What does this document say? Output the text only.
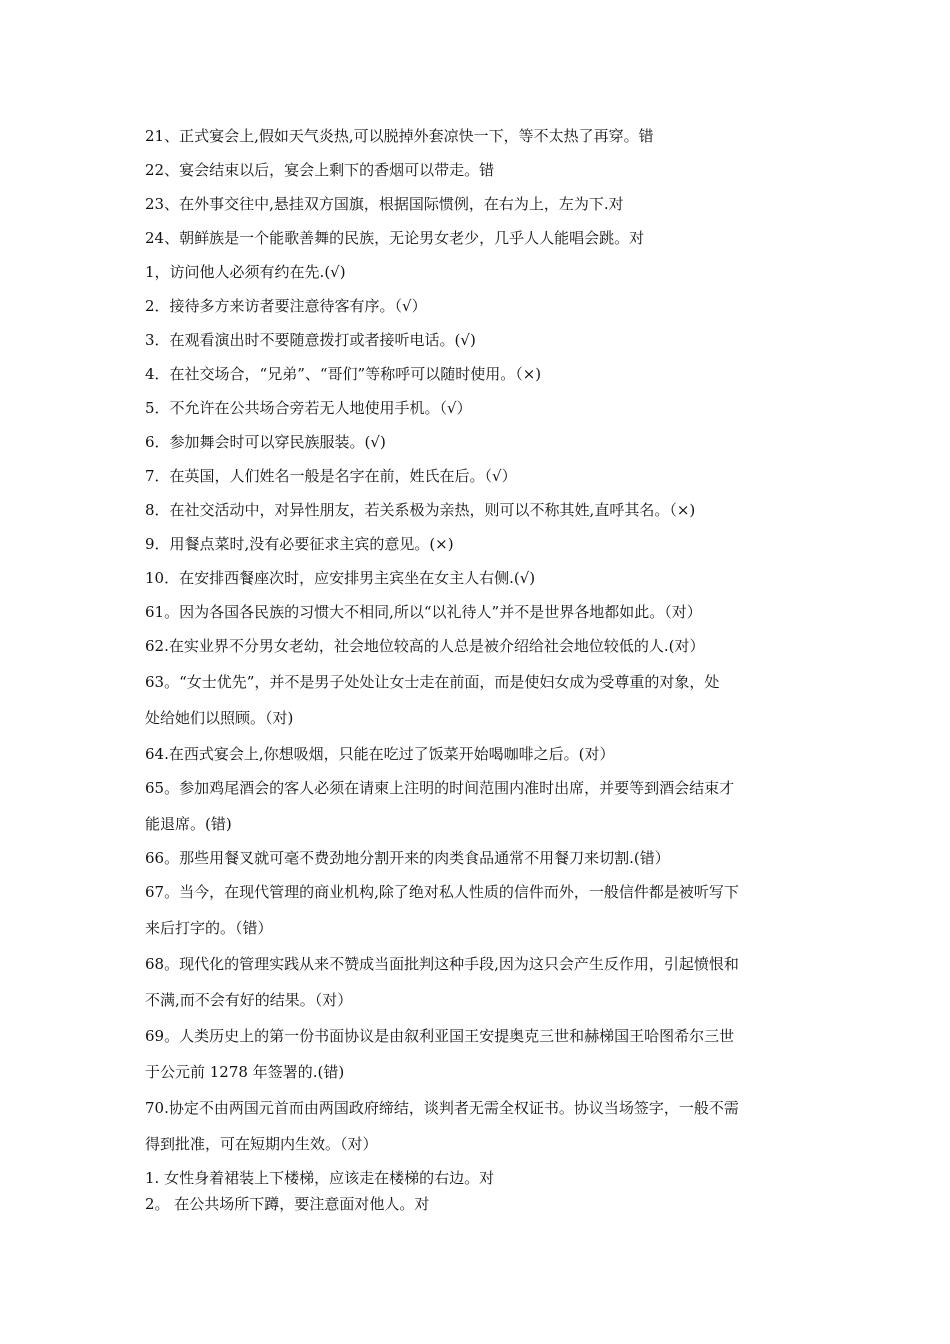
21、正式宴会上,假如天气炎热,可以脱掉外套凉快一下，等不太热了再穿。错
22、宴会结束以后，宴会上剩下的香烟可以带走。错
23、在外事交往中,悬挂双方国旗，根据国际惯例，在右为上，左为下.对
24、朝鲜族是一个能歌善舞的民族，无论男女老少，几乎人人能唱会跳。对
1，访问他人必须有约在先.(√)
2．接待多方来访者要注意待客有序。（√）
3．在观看演出时不要随意拨打或者接听电话。(√)
4．在社交场合，“兄弟”、“哥们”等称呼可以随时使用。（×)
5．不允许在公共场合旁若无人地使用手机。（√）
6．参加舞会时可以穿民族服装。(√)
7．在英国，人们姓名一般是名字在前，姓氏在后。（√）
8．在社交活动中，对异性朋友，若关系极为亲热，则可以不称其姓,直呼其名。（×)
9．用餐点菜时,没有必要征求主宾的意见。(×)
10．在安排西餐座次时，应安排男主宾坐在女主人右侧.(√)
61。因为各国各民族的习惯大不相同,所以“以礼待人”并不是世界各地都如此。（对）
62.在实业界不分男女老幼，社会地位较高的人总是被介绍给社会地位较低的人.(对）
63。“女士优先”，并不是男子处处让女士走在前面，而是使妇女成为受尊重的对象，处
处给她们以照顾。（对)
64.在西式宴会上,你想吸烟，只能在吃过了饭菜开始喝咖啡之后。(对）
65。参加鸡尾酒会的客人必须在请柬上注明的时间范围内准时出席，并要等到酒会结束才
能退席。(错)
66。那些用餐叉就可毫不费劲地分割开来的肉类食品通常不用餐刀来切割.(错）
67。当今，在现代管理的商业机构,除了绝对私人性质的信件而外，一般信件都是被听写下
来后打字的。（错）
68。现代化的管理实践从来不赞成当面批判这种手段,因为这只会产生反作用，引起愤恨和
不满,而不会有好的结果。（对）
69。人类历史上的第一份书面协议是由叙利亚国王安提奥克三世和赫梯国王哈图希尔三世
于公元前 1278 年签署的.(错)
70.协定不由两国元首而由两国政府缔结，谈判者无需全权证书。协议当场签字，一般不需
得到批准，可在短期内生效。（对）
1. 女性身着裙装上下楼梯，应该走在楼梯的右边。对
2。 在公共场所下蹲，要注意面对他人。对
